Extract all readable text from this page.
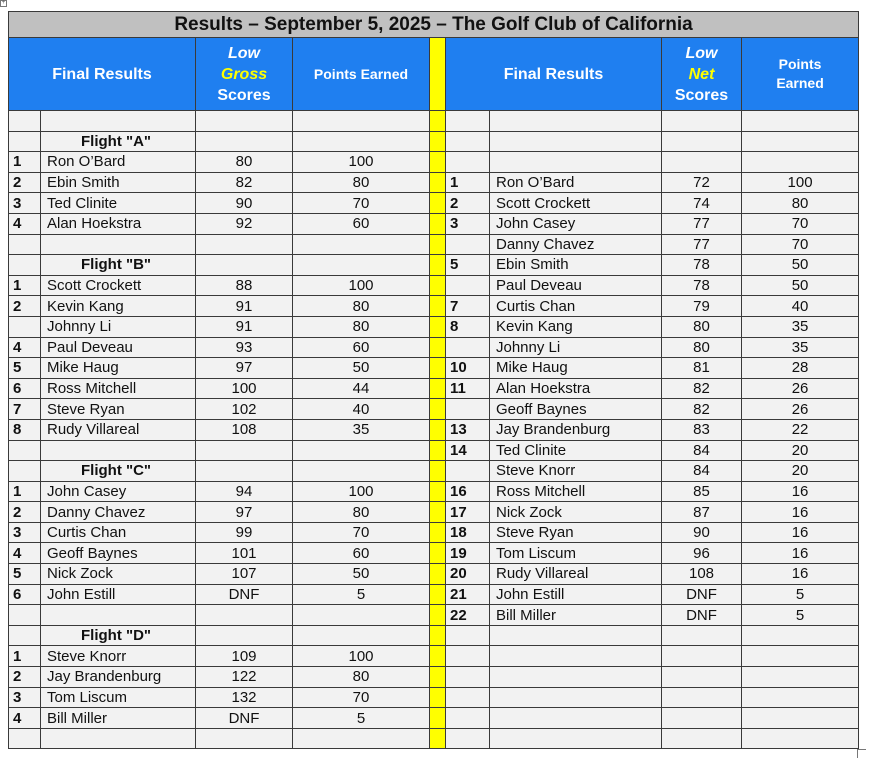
+
Results – September 5, 2025 – The Golf Club of California								
Final Results		Low
Gross
Scores	Points Earned		Final Results		Low
Net
Scores	Points
Earned

	Flight "A"							
1	Ron O’Bard	80	100					
2	Ebin Smith	82	80		1	Ron O’Bard	72	100
3	Ted Clinite	90	70		2	Scott Crockett	74	80
4	Alan Hoekstra	92	60		3	John Casey	77	70
						Danny Chavez	77	70
	Flight "B"				5	Ebin Smith	78	50
1	Scott Crockett	88	100			Paul Deveau	78	50
2	Kevin Kang	91	80		7	Curtis Chan	79	40
	Johnny Li	91	80		8	Kevin Kang	80	35
4	Paul Deveau	93	60			Johnny Li	80	35
5	Mike Haug	97	50		10	Mike Haug	81	28
6	Ross Mitchell	100	44		11	Alan Hoekstra	82	26
7	Steve Ryan	102	40			Geoff Baynes	82	26
8	Rudy Villareal	108	35		13	Jay Brandenburg	83	22
					14	Ted Clinite	84	20
	Flight "C"					Steve Knorr	84	20
1	John Casey	94	100		16	Ross Mitchell	85	16
2	Danny Chavez	97	80		17	Nick Zock	87	16
3	Curtis Chan	99	70		18	Steve Ryan	90	16
4	Geoff Baynes	101	60		19	Tom Liscum	96	16
5	Nick Zock	107	50		20	Rudy Villareal	108	16
6	John Estill	DNF	5		21	John Estill	DNF	5
					22	Bill Miller	DNF	5
	Flight "D"							
1	Steve Knorr	109	100					
2	Jay Brandenburg	122	80					
3	Tom Liscum	132	70					
4	Bill Miller	DNF	5					
